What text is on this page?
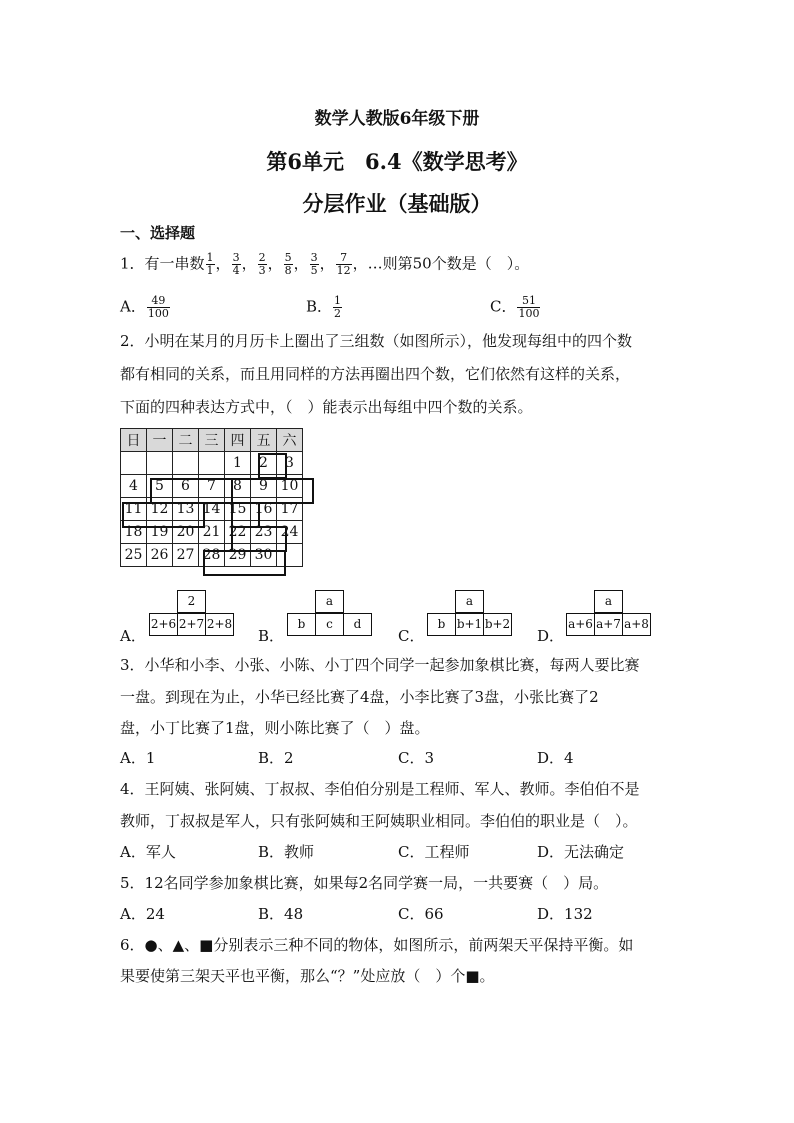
数学人教版6年级下册
第6单元　6.4《数学思考》
分层作业（基础版）
一、选择题
1．有一串数 $\frac{1}{1}$ ， $\frac{3}{4}$ ， $\frac{2}{3}$ ， $\frac{5}{8}$ ， $\frac{3}{5}$ ， $\frac{7}{12}$ ，…则第50个数是（　）。
A． $\frac{49}{100}$	B． $\frac{1}{2}$	C． $\frac{51}{100}$
2．小明在某月的月历卡上圈出了三组数（如图所示），他发现每组中的四个数
都有相同的关系，而且用同样的方法再圈出四个数，它们依然有这样的关系，
下面的四种表达方式中，（　）能表示出每组中四个数的关系。
日	一	二	三	四	五	六
				1	2	3
4	5	6	7	8	9	10
11	12	13	14	15	16	17
18	19	20	21	22	23	24
25	26	27	28	29	30	
A．
2
2+6 2+7 2+8
B．
a
b	c	d
C．
a
b b+1 b+2
D．
a
a+6 a+7 a+8
3．小华和小李、小张、小陈、小丁四个同学一起参加象棋比赛，每两人要比赛
一盘。到现在为止，小华已经比赛了4盘，小李比赛了3盘，小张比赛了2
盘，小丁比赛了1盘，则小陈比赛了（　）盘。
A．1	B．2	C．3	D．4
4．王阿姨、张阿姨、丁叔叔、李伯伯分别是工程师、军人、教师。李伯伯不是
教师，丁叔叔是军人，只有张阿姨和王阿姨职业相同。李伯伯的职业是（　）。
A．军人	B．教师	C．工程师	D．无法确定
5．12名同学参加象棋比赛，如果每2名同学赛一局，一共要赛（　）局。
A．24	B．48	C．66	D．132
6．●、▲、■分别表示三种不同的物体，如图所示，前两架天平保持平衡。如
果要使第三架天平也平衡，那么“？”处应放（　）个■。
